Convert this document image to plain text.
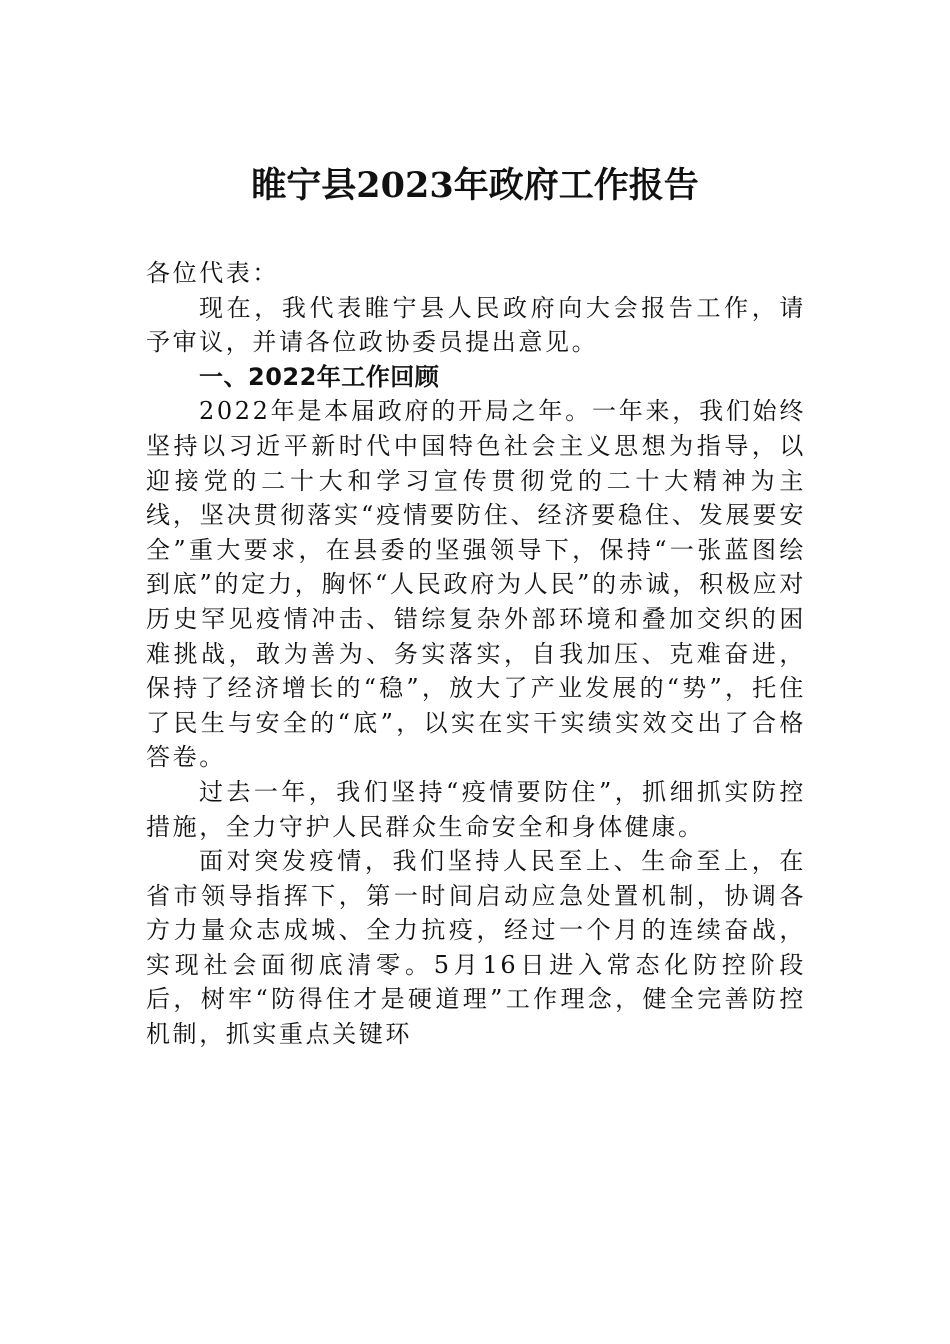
睢宁县2023年政府工作报告

各位代表：

现在，我代表睢宁县人民政府向大会报告工作，请予审议，并请各位政协委员提出意见。

一、2022年工作回顾

2022年是本届政府的开局之年。一年来，我们始终坚持以习近平新时代中国特色社会主义思想为指导，以迎接党的二十大和学习宣传贯彻党的二十大精神为主线，坚决贯彻落实“疫情要防住、经济要稳住、发展要安全”重大要求，在县委的坚强领导下，保持“一张蓝图绘到底”的定力，胸怀“人民政府为人民”的赤诚，积极应对历史罕见疫情冲击、错综复杂外部环境和叠加交织的困难挑战，敢为善为、务实落实，自我加压、克难奋进，保持了经济增长的“稳”，放大了产业发展的“势”，托住了民生与安全的“底”，以实在实干实绩实效交出了合格答卷。

过去一年，我们坚持“疫情要防住”，抓细抓实防控措施，全力守护人民群众生命安全和身体健康。

面对突发疫情，我们坚持人民至上、生命至上，在省市领导指挥下，第一时间启动应急处置机制，协调各方力量众志成城、全力抗疫，经过一个月的连续奋战，实现社会面彻底清零。5月16日进入常态化防控阶段后，树牢“防得住才是硬道理”工作理念，健全完善防控机制，抓实重点关键环
